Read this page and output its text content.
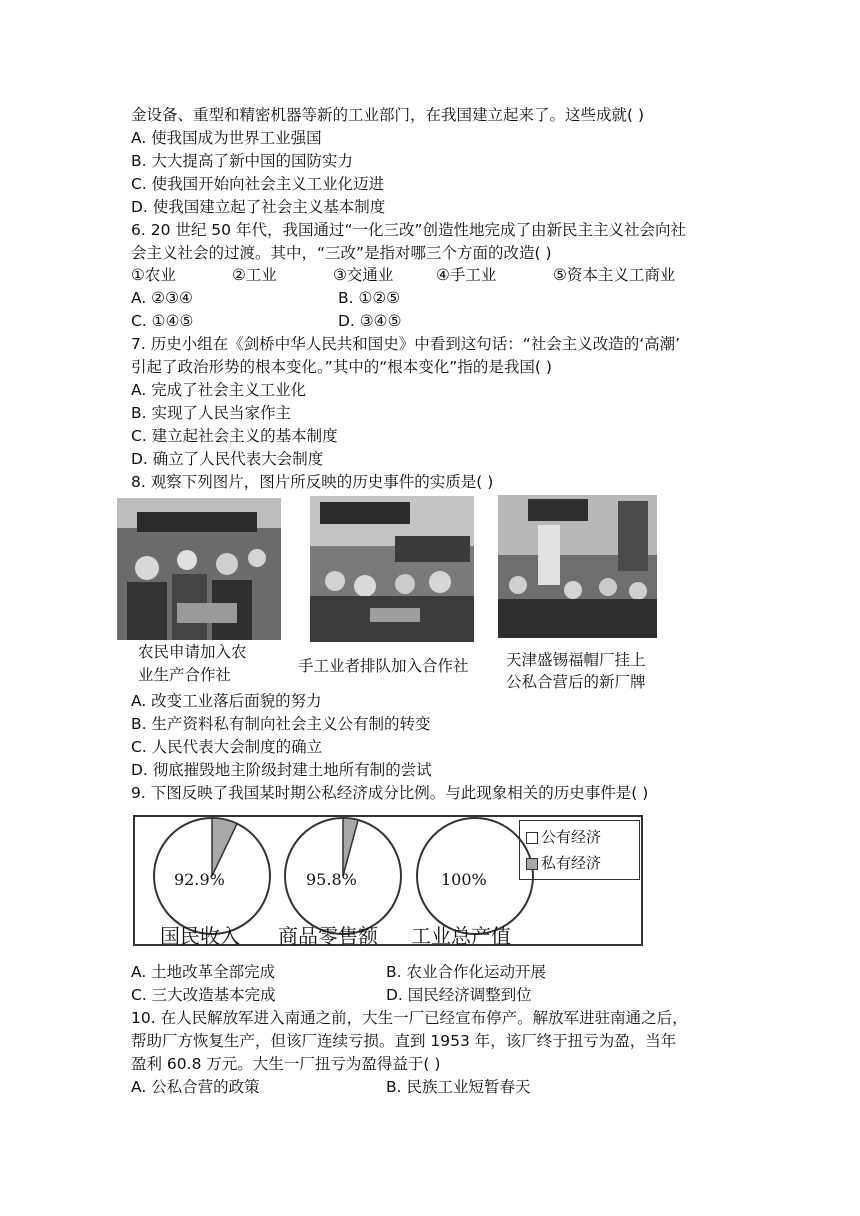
金设备、重型和精密机器等新的工业部门，在我国建立起来了。这些成就( )
A. 使我国成为世界工业强国
B. 大大提高了新中国的国防实力
C. 使我国开始向社会主义工业化迈进
D. 使我国建立起了社会主义基本制度
6. 20 世纪 50 年代，我国通过“一化三改”创造性地完成了由新民主主义社会向社
会主义社会的过渡。其中，“三改”是指对哪三个方面的改造( )
①农业	②工业	③交通业	④手工业	⑤资本主义工商业
A. ②③④	B. ①②⑤
C. ①④⑤	D. ③④⑤
7. 历史小组在《剑桥中华人民共和国史》中看到这句话：“社会主义改造的‘高潮’
引起了政治形势的根本变化。”其中的“根本变化”指的是我国( )
A. 完成了社会主义工业化
B. 实现了人民当家作主
C. 建立起社会主义的基本制度
D. 确立了人民代表大会制度
8. 观察下列图片，图片所反映的历史事件的实质是( )
农民申请加入农
业生产合作社	手工业者排队加入合作社 天津盛锡福帽厂挂上
公私合营后的新厂牌
A. 改变工业落后面貌的努力
B. 生产资料私有制向社会主义公有制的转变
C. 人民代表大会制度的确立
D. 彻底摧毁地主阶级封建土地所有制的尝试
9. 下图反映了我国某时期公私经济成分比例。与此现象相关的历史事件是( )
92.9%	95.8%	100%
国民收入 商品零售额 工业总产值
公有经济
私有经济
A. 土地改革全部完成	B. 农业合作化运动开展
C. 三大改造基本完成	D. 国民经济调整到位
10. 在人民解放军进入南通之前，大生一厂已经宣布停产。解放军进驻南通之后，
帮助厂方恢复生产，但该厂连续亏损。直到 1953 年，该厂终于扭亏为盈，当年
盈利 60.8 万元。大生一厂扭亏为盈得益于( )
A. 公私合营的政策	B. 民族工业短暂春天
